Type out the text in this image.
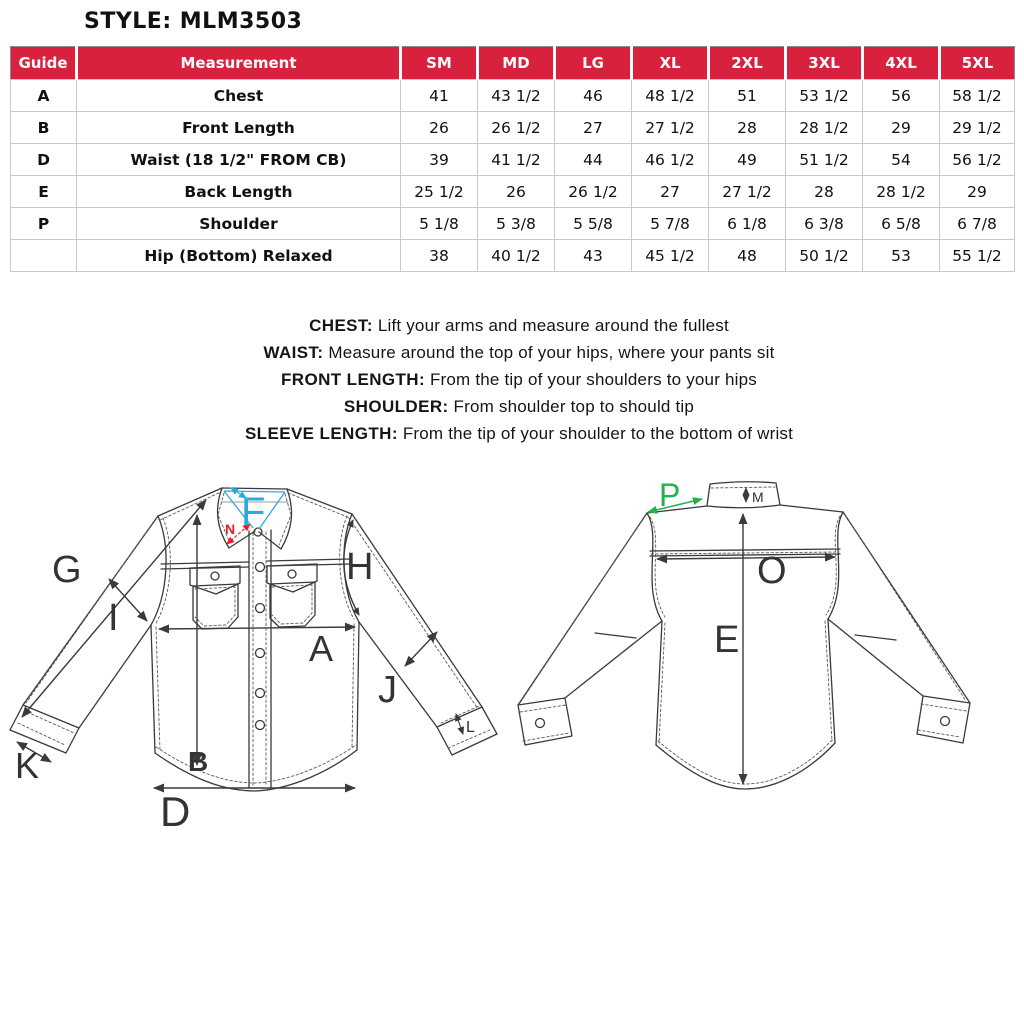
STYLE: MLM3503
Guide	Measurement	SM	MD	LG	XL	2XL	3XL	4XL	5XL
A	Chest	41	43 1/2	46	48 1/2	51	53 1/2	56	58 1/2
B	Front Length	26	26 1/2	27	27 1/2	28	28 1/2	29	29 1/2
D	Waist (18 1/2" FROM CB)	39	41 1/2	44	46 1/2	49	51 1/2	54	56 1/2
E	Back Length	25 1/2	26	26 1/2	27	27 1/2	28	28 1/2	29
P	Shoulder	5 1/8	5 3/8	5 5/8	5 7/8	6 1/8	6 3/8	6 5/8	6 7/8
	Hip (Bottom) Relaxed	38	40 1/2	43	45 1/2	48	50 1/2	53	55 1/2

CHEST: Lift your arms and measure around the fullest

WAIST: Measure around the top of your hips, where your pants sit

FRONT LENGTH: From the tip of your shoulders to your hips

SHOULDER: From shoulder top to should tip

SLEEVE LENGTH: From the tip of your shoulder to the bottom of wrist

G
I
F
N
H
A
B
J
K
L
D
P	M
O
E
